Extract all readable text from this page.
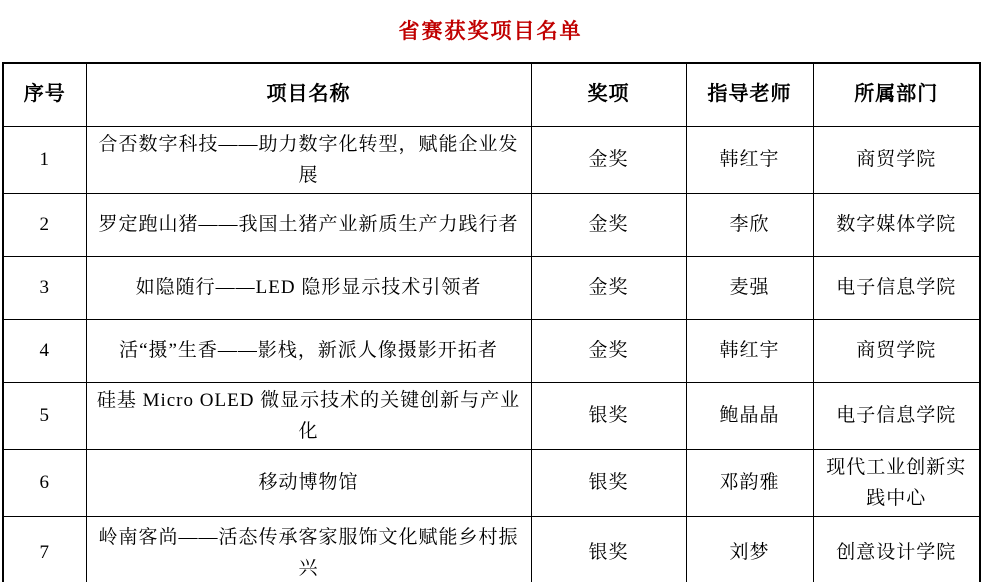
省赛获奖项目名单
序号	项目名称	奖项	指导老师	所属部门
1	合否数字科技——助力数字化转型，赋能企业发展	金奖	韩红宇	商贸学院
2	罗定跑山猪——我国土猪产业新质生产力践行者	金奖	李欣	数字媒体学院
3	如隐随行——LED 隐形显示技术引领者	金奖	麦强	电子信息学院
4	活“摄”生香——影栈，新派人像摄影开拓者	金奖	韩红宇	商贸学院
5	硅基 Micro OLED 微显示技术的关键创新与产业化	银奖	鲍晶晶	电子信息学院
6	移动博物馆	银奖	邓韵雅	现代工业创新实践中心
7	岭南客尚——活态传承客家服饰文化赋能乡村振兴	银奖	刘梦	创意设计学院
